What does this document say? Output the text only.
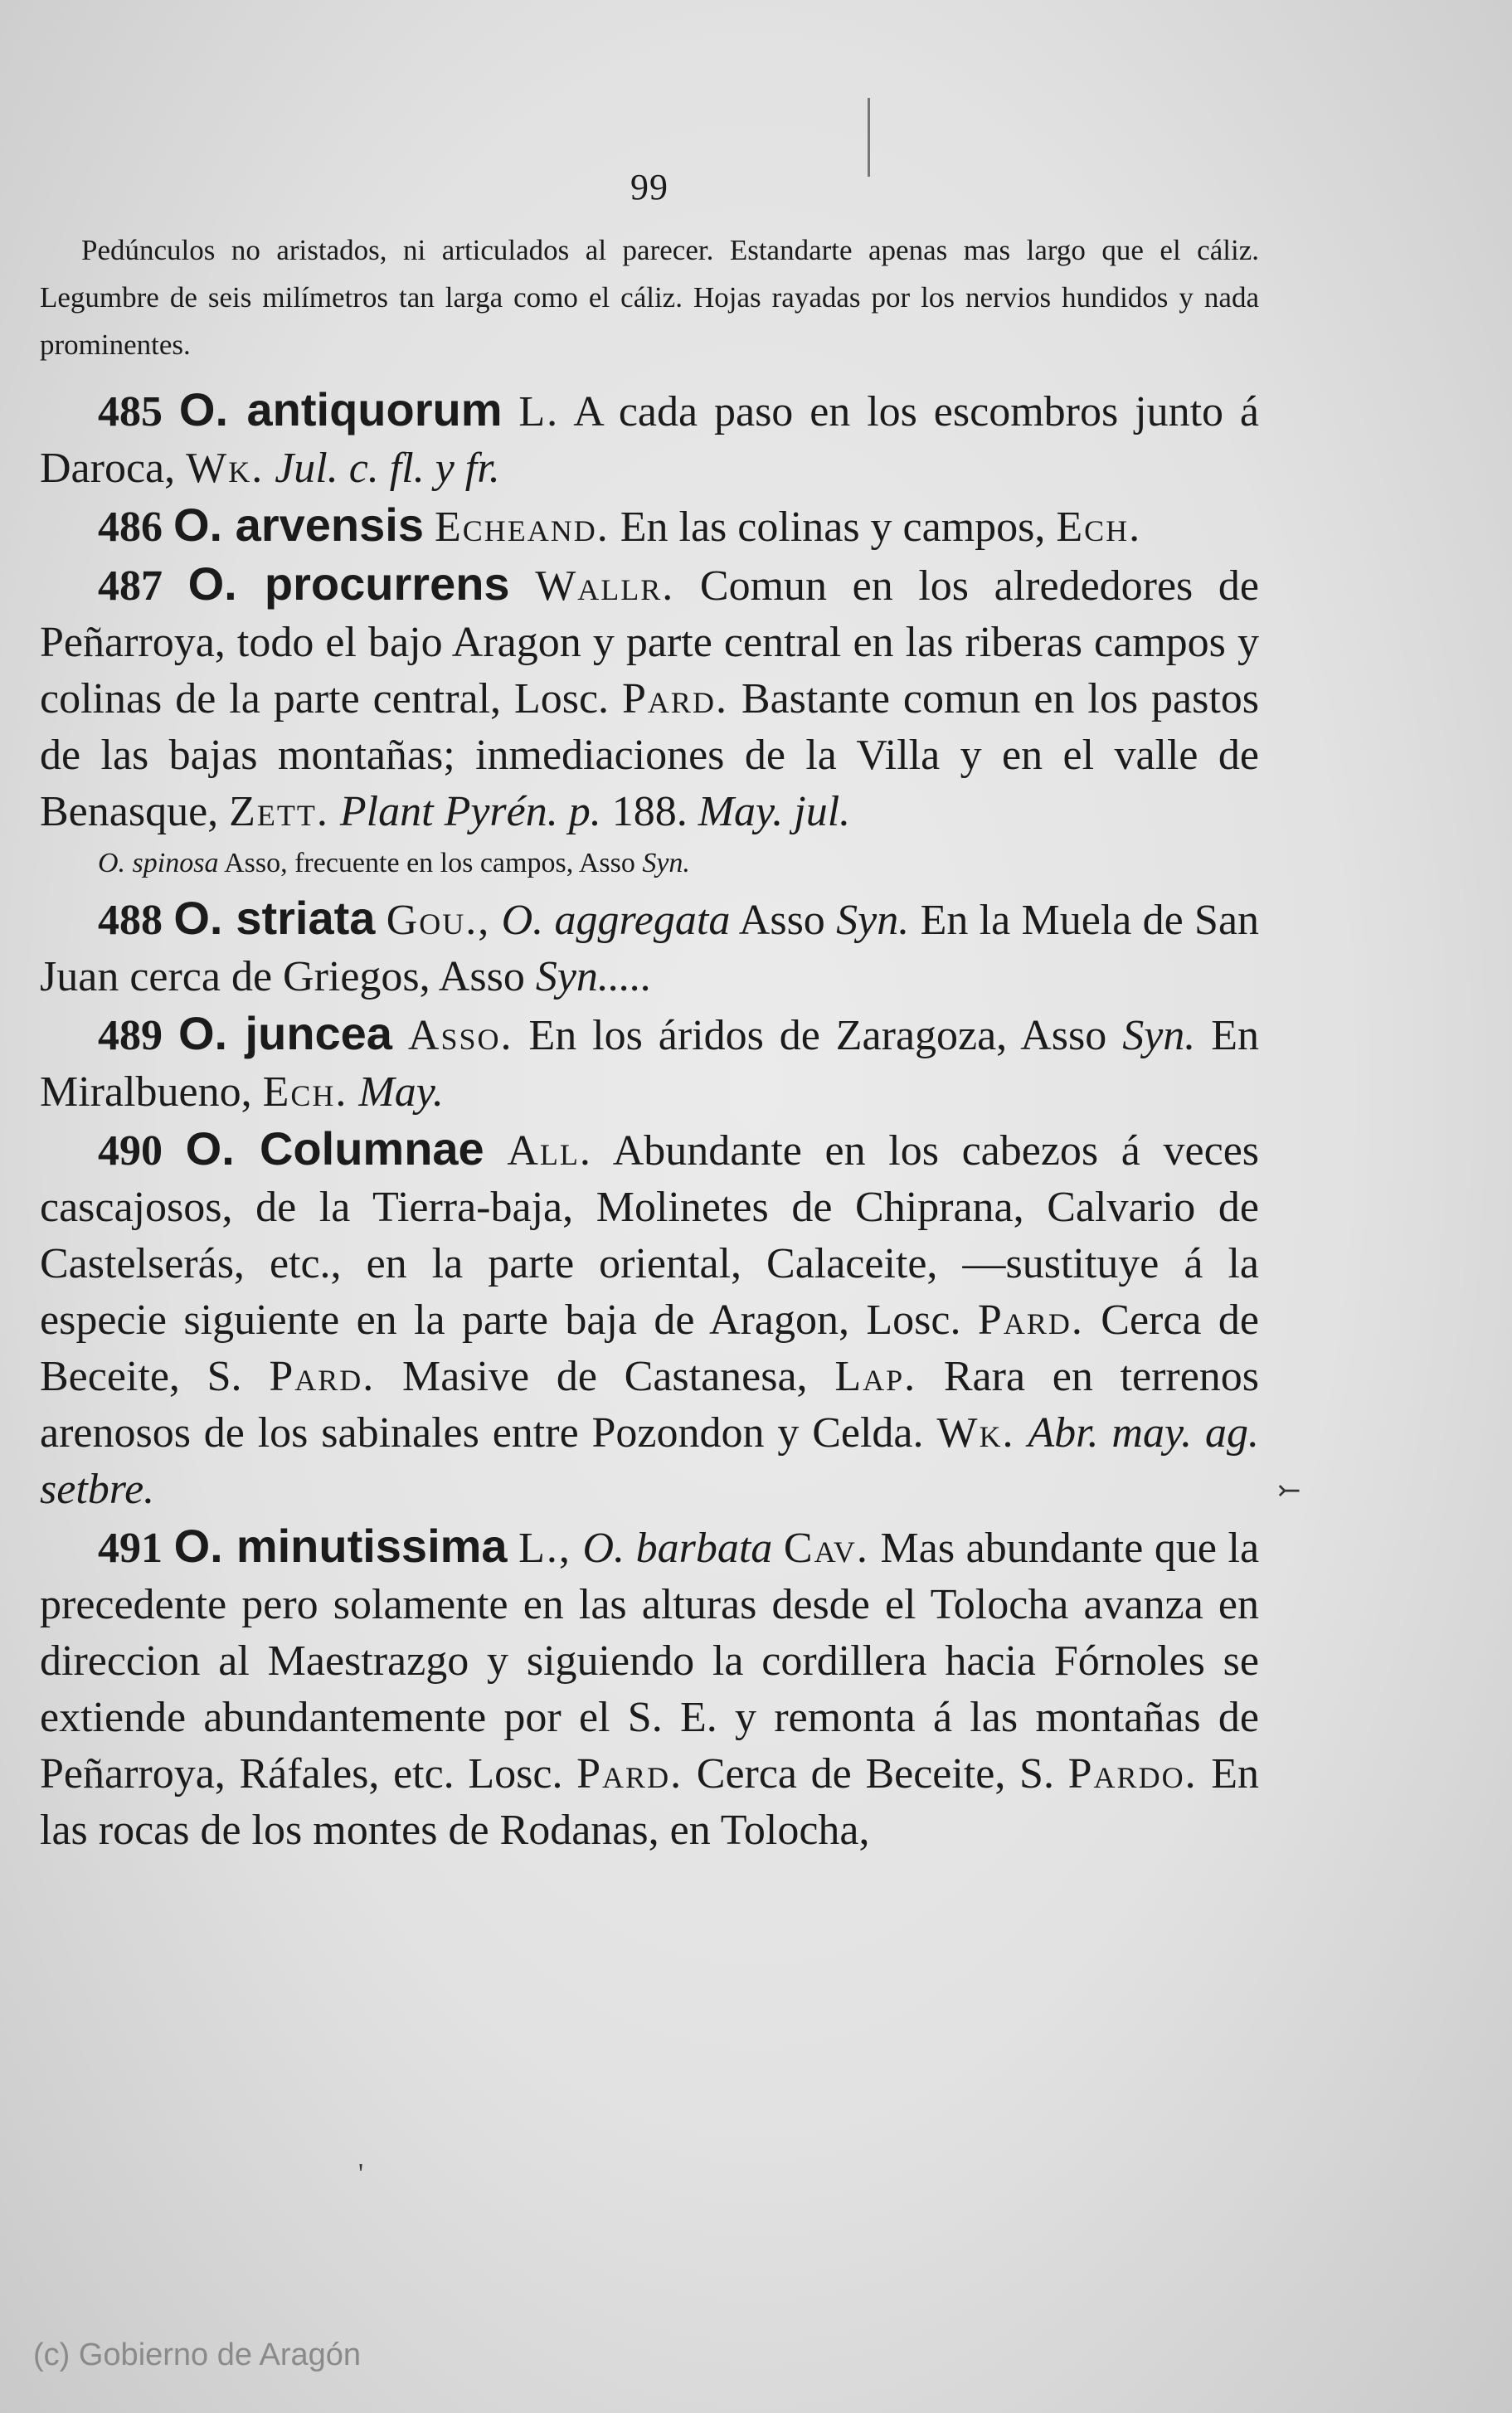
99

Pedúnculos no aristados, ni articulados al parecer. Estandarte apenas mas largo que el cáliz. Legumbre de seis milímetros tan larga como el cáliz. Hojas rayadas por los nervios hundidos y nada prominentes.

485 O. antiquorum L. A cada paso en los escombros junto á Daroca, Wk. Jul. c. fl. y fr.

486 O. arvensis Echeand. En las colinas y campos, Ech.

487 O. procurrens Wallr. Comun en los alrededores de Peñarroya, todo el bajo Aragon y parte central en las riberas campos y colinas de la parte central, Losc. Pard. Bastante comun en los pastos de las bajas montañas; inmediaciones de la Villa y en el valle de Benasque, Zett. Plant Pyrén. p. 188. May. jul.

O. spinosa Asso, frecuente en los campos, Asso Syn.

488 O. striata Gou., O. aggregata Asso Syn. En la Muela de San Juan cerca de Griegos, Asso Syn.....

489 O. juncea Asso. En los áridos de Zaragoza, Asso Syn. En Miralbueno, Ech. May.

490 O. Columnae All. Abundante en los cabezos á veces cascajosos, de la Tierra-baja, Molinetes de Chiprana, Calvario de Castelserás, etc., en la parte oriental, Calaceite, —sustituye á la especie siguiente en la parte baja de Aragon, Losc. Pard. Cerca de Beceite, S. Pard. Masive de Castanesa, Lap. Rara en terrenos arenosos de los sabinales entre Pozondon y Celda. Wk. Abr. may. ag. setbre.

491 O. minutissima L., O. barbata Cav. Mas abundante que la precedente pero solamente en las alturas desde el Tolocha avanza en direccion al Maestrazgo y siguiendo la cordillera hacia Fórnoles se extiende abundantemente por el S. E. y remonta á las montañas de Peñarroya, Ráfales, etc. Losc. Pard. Cerca de Beceite, S. Pardo. En las rocas de los montes de Rodanas, en Tolocha,

⤚
'
(c) Gobierno de Aragón
